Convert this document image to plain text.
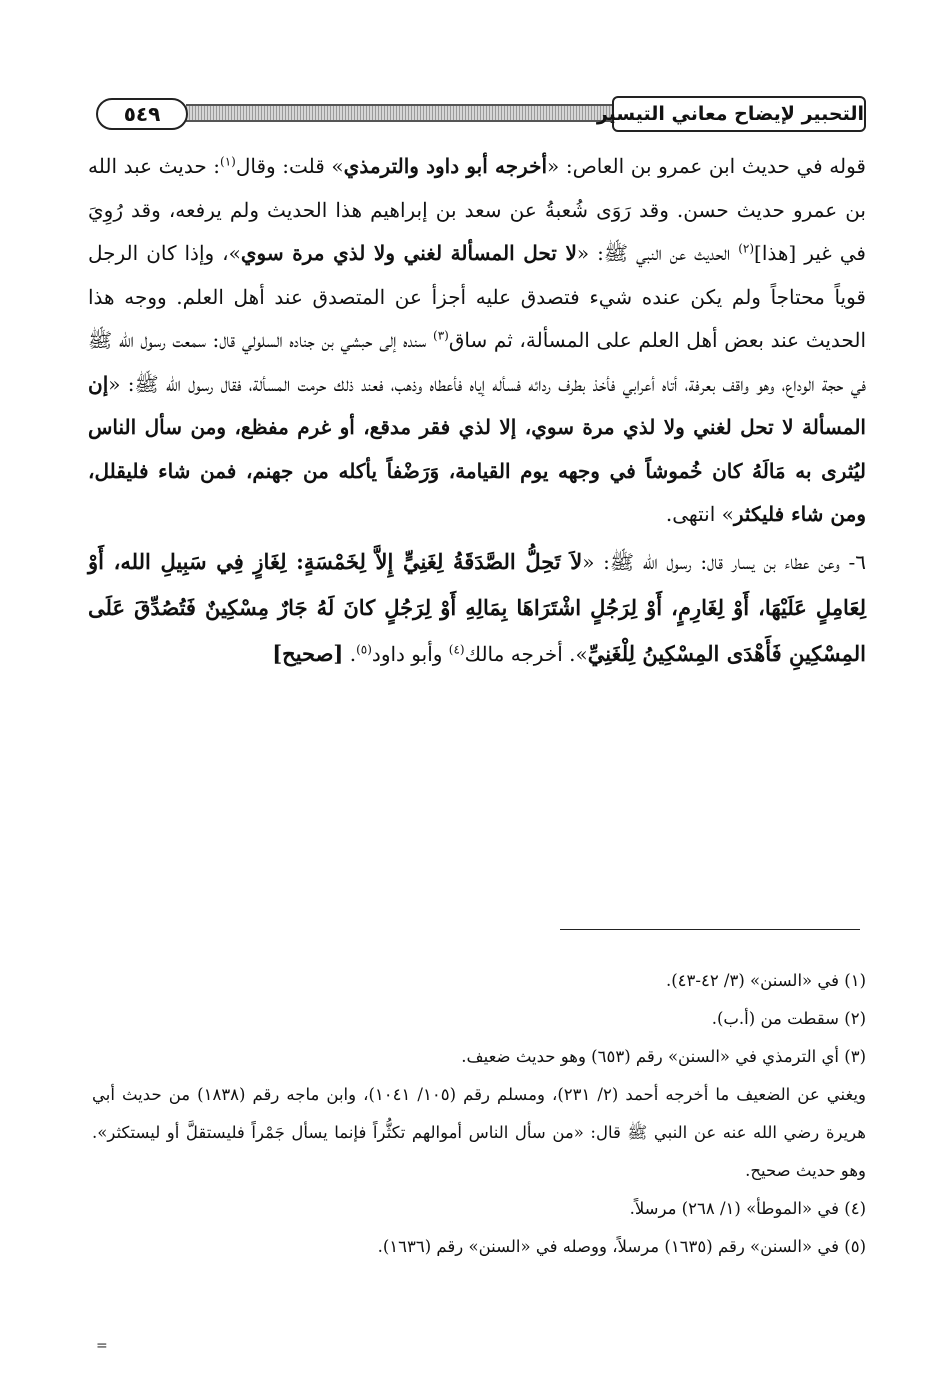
٥٤٩	التحبير لإيضاح معاني التيسير

قوله في حديث ابن عمرو بن العاص: «أخرجه أبو داود والترمذي» قلت: وقال$^{(١)}$: حديث عبد الله بن عمرو حديث حسن. وقد رَوَى شُعبةُ عن سعد بن إبراهيم هذا الحديث ولم يرفعه، وقد رُوِيَ في غير [هذا]$^{(٢)}$ الحديث عن النبي ﷺ: «لا تحل المسألة لغني ولا لذي مرة سوي»، وإذا كان الرجل قوياً محتاجاً ولم يكن عنده شيء فتصدق عليه أجزأ عن المتصدق عند أهل العلم. ووجه هذا الحديث عند بعض أهل العلم على المسألة، ثم ساق$^{(٣)}$ سنده إلى حبشي بن جناده السلولي قال: سمعت رسول الله ﷺ في حجة الوداع، وهو واقف بعرفة، أتاه أعرابي فأخذ بطرف ردائه فسأله إياه فأعطاه وذهب، فعند ذلك حرمت المسألة، فقال رسول الله ﷺ: «إن المسألة لا تحل لغني ولا لذي مرة سوي، إلا لذي فقر مدقع، أو غرم مفظع، ومن سأل الناس ليُثرى به مَالَهُ كان خُموشاً في وجهه يوم القيامة، وَرَضْفاً يأكله من جهنم، فمن شاء فليقلل، ومن شاء فليكثر» انتهى.

٦- وعن عطاء بن يسار قال: رسول الله ﷺ: «لاَ تَحِلُّ الصَّدَقَةُ لِغَنِيٍّ إِلاَّ لِخَمْسَةٍ: لِغَازٍ فِي سَبِيلِ الله، أَوْ لِعَامِلٍ عَلَيْهَا، أَوْ لِغَارِمٍ، أَوْ لِرَجُلٍ اشْتَرَاهَا بِمَالِهِ أَوْ لِرَجُلٍ كانَ لَهُ جَارٌ مِسْكِينٌ فَتُصُدِّقَ عَلَى المِسْكِينِ فَأَهْدَى المِسْكِينُ لِلْغَنِيِّ». أخرجه مالك$^{(٤)}$ وأبو داود$^{(٥)}$. [صحيح]

(١) في «السنن» (٣/ ٤٢-٤٣).

(٢) سقطت من (أ.ب).

(٣) أي الترمذي في «السنن» رقم (٦٥٣) وهو حديث ضعيف.

ويغني عن الضعيف ما أخرجه أحمد (٢/ ٢٣١)، ومسلم رقم (١٠٥/ ١٠٤١)، وابن ماجه رقم (١٨٣٨) من حديث أبي هريرة رضي الله عنه عن النبي ﷺ قال: «من سأل الناس أموالهم تكثُّراً فإنما يسأل جَمْراً فليستقلَّ أو ليستكثر». وهو حديث صحيح.

(٤) في «الموطأ» (١/ ٢٦٨) مرسلاً.

(٥) في «السنن» رقم (١٦٣٥) مرسلاً، ووصله في «السنن» رقم (١٦٣٦).

=
